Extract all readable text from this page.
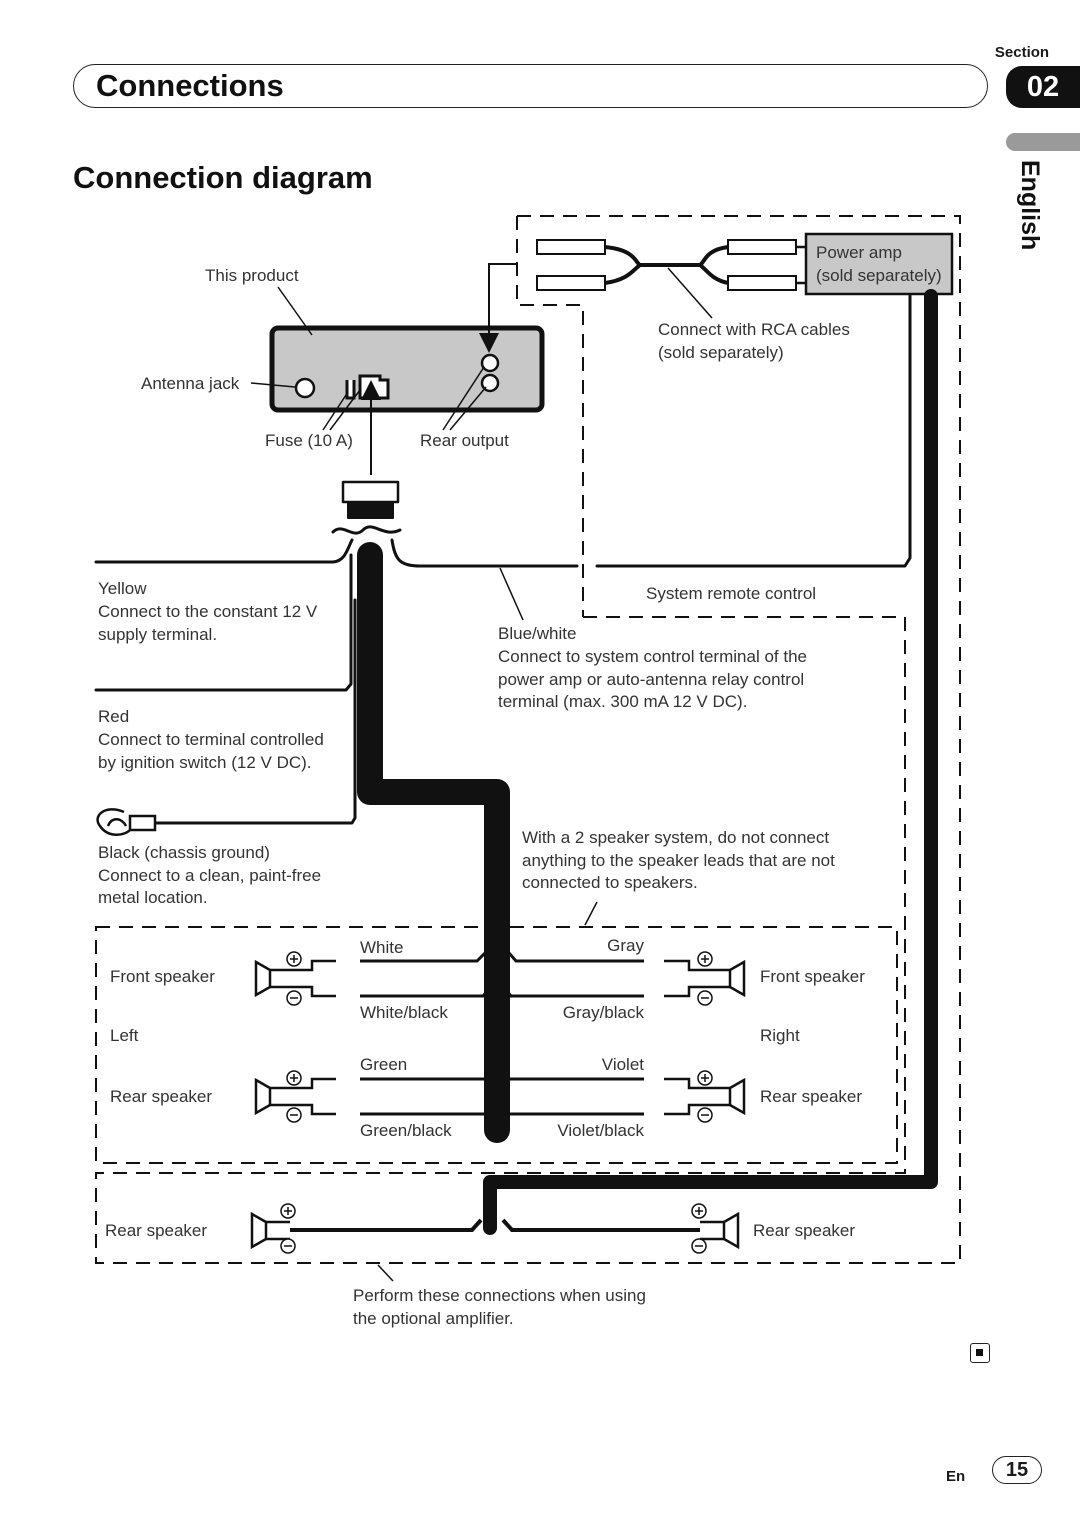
Connections
Section
02
English
Connection diagram
This product
Antenna jack
Fuse (10 A)	Rear output
Power amp
(sold separately)
Connect with RCA cables
(sold separately)
System remote control
Yellow
Connect to the constant 12 V
supply terminal.
Red
Connect to terminal controlled
by ignition switch (12 V DC).
Black (chassis ground)
Connect to a clean, paint-free
metal location.
Blue/white
Connect to system control terminal of the
power amp or auto-antenna relay control
terminal (max. 300 mA 12 V DC).
With a 2 speaker system, do not connect
anything to the speaker leads that are not
connected to speakers.
Front speaker
Left
Rear speaker
Front speaker
Right
Rear speaker
White
White/black
Green
Green/black
Gray
Gray/black
Violet
Violet/black
Rear speaker	Rear speaker
Perform these connections when using
the optional amplifier.
En	15
